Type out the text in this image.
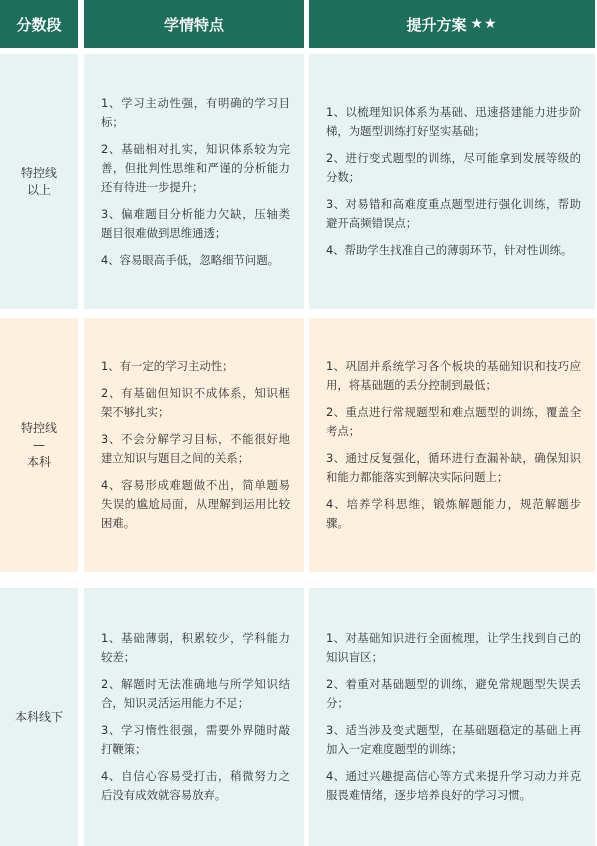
分数段	学情特点	提升方案 ★★
特控线
以上

1、学习主动性强，有明确的学习目标；

2、基础相对扎实，知识体系较为完善，但批判性思维和严谨的分析能力还有待进一步提升；

3、偏难题目分析能力欠缺，压轴类题目很难做到思维通透；

4、容易眼高手低，忽略细节问题。

1、以梳理知识体系为基础、迅速搭建能力进步阶梯，为题型训练打好坚实基础；

2、进行变式题型的训练，尽可能拿到发展等级的分数；

3、对易错和高难度重点题型进行强化训练，帮助避开高频错误点；

4、帮助学生找准自己的薄弱环节，针对性训练。

特控线
—
本科

1、有一定的学习主动性；

2、有基础但知识不成体系，知识框架不够扎实；

3、不会分解学习目标，不能很好地建立知识与题目之间的关系；

4、容易形成难题做不出，简单题易失误的尴尬局面，从理解到运用比较困难。

1、巩固并系统学习各个板块的基础知识和技巧应用，将基础题的丢分控制到最低；

2、重点进行常规题型和难点题型的训练，覆盖全考点；

3、通过反复强化，循环进行查漏补缺，确保知识和能力都能落实到解决实际问题上；

4、培养学科思维，锻炼解题能力，规范解题步骤。

本科线下

1、基础薄弱，积累较少，学科能力较差；

2、解题时无法准确地与所学知识结合，知识灵活运用能力不足；

3、学习惰性很强，需要外界随时敲打鞭策；

4、自信心容易受打击，稍微努力之后没有成效就容易放弃。

1、对基础知识进行全面梳理，让学生找到自己的知识盲区；

2、着重对基础题型的训练，避免常规题型失误丢分；

3、适当涉及变式题型，在基础题稳定的基础上再加入一定难度题型的训练；

4、通过兴趣提高信心等方式来提升学习动力并克服畏难情绪，逐步培养良好的学习习惯。
